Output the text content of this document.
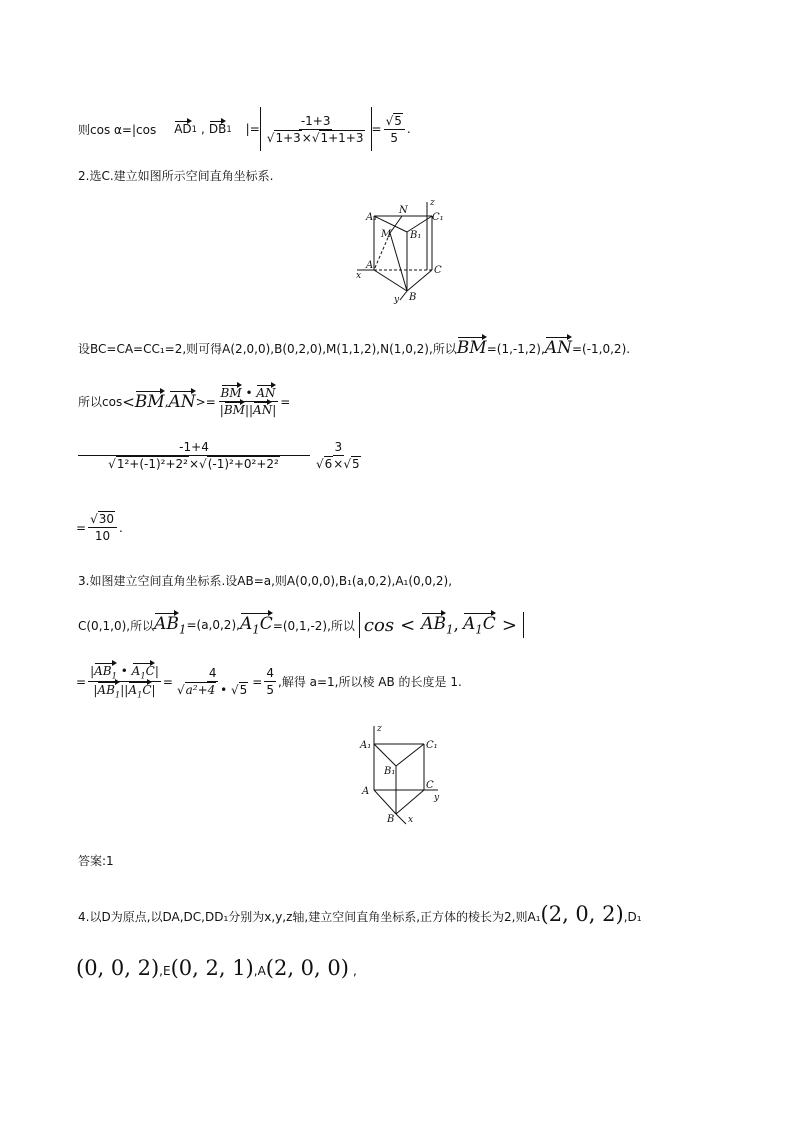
则cos α=|cos AD 1 , DB 1 |= $\frac{-1+3}{√1+3\times√1+1+3} = \frac{√5}{5}$ .
2.选C.建立如图所示空间直角坐标系.
A₁
N
C₁
z
M B₁
A	C
x
B
y
设BC=CA=CC₁=2,则可得A(2,0,0),B(0,2,0),M(1,1,2),N(1,0,2),所以 BM =(1,-1,2), AN =(-1,0,2).
所以cos < BM , AN >= $\frac{BM • AN}{|BM||AN|}$ =
$\frac{-1+4}{\text{√1²+(-1)²+2²×√(-1)²+0²+2²}} \frac{3}{√6\times√5}$
= $\frac{√30}{10}$ .
3.如图建立空间直角坐标系.设AB=a,则A(0,0,0),B₁(a,0,2),A₁(0,0,2),
C(0,1,0),所以 $AB_1 =(a,0,2)$, $A_1C =(0,1,-2)$,所以 $\cos < AB_1$ , $A_1C$ >
= $\frac{|AB_1 • A_1C|}{|AB_1||A_1C|} = \frac{4}{\text{√a²+4 • √5}} = \frac{4}{5}$ ,解得 a=1,所以棱 AB 的长度是 1.
z
A₁	C₁
B₁
A
C
y
B x
答案:1
4.以D为原点,以DA,DC,DD₁分别为x,y,z轴,建立空间直角坐标系,正方体的棱长为2,则A₁ (2, 0, 2) ,D₁
(0, 0, 2) ,E (0, 2, 1) ,A (2, 0, 0) ,
